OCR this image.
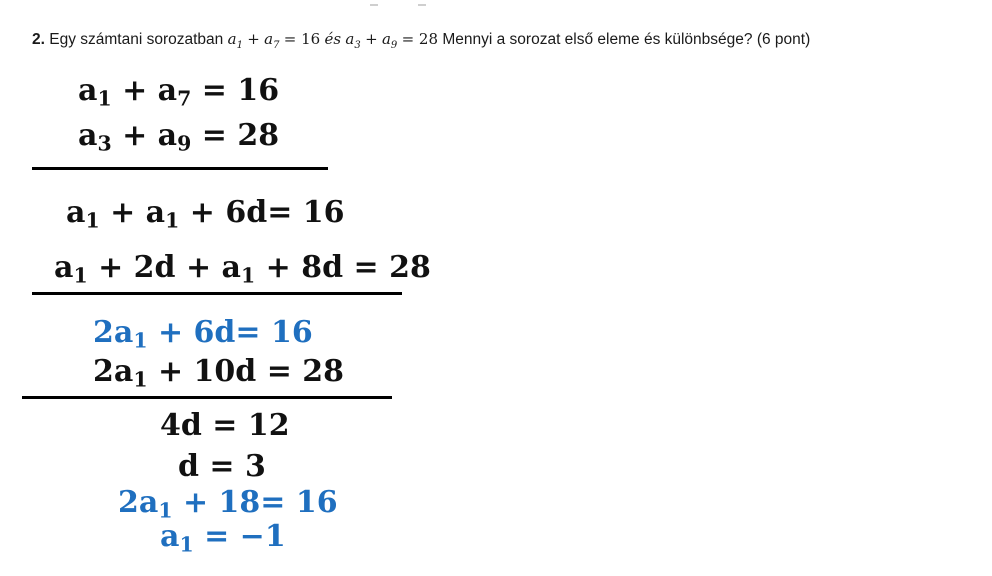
2. Egy számtani sorozatban $a_1 + a_7 = 16$ és $a_3 + a_9 = 28$ Mennyi a sorozat első eleme és különbsége? (6 pont)
$a_1 + a_7 = 16$
$a_3 + a_9 = 28$
$a_1 + a_1 + 6d= 16$
$a_1 + 2d + a_1 + 8d = 28$
$2a_1 + 6d= 16$
$2a_1 + 10d = 28$
4d = 12
d = 3
$2a_1 + 18= 16$
$a_1 = -1$
